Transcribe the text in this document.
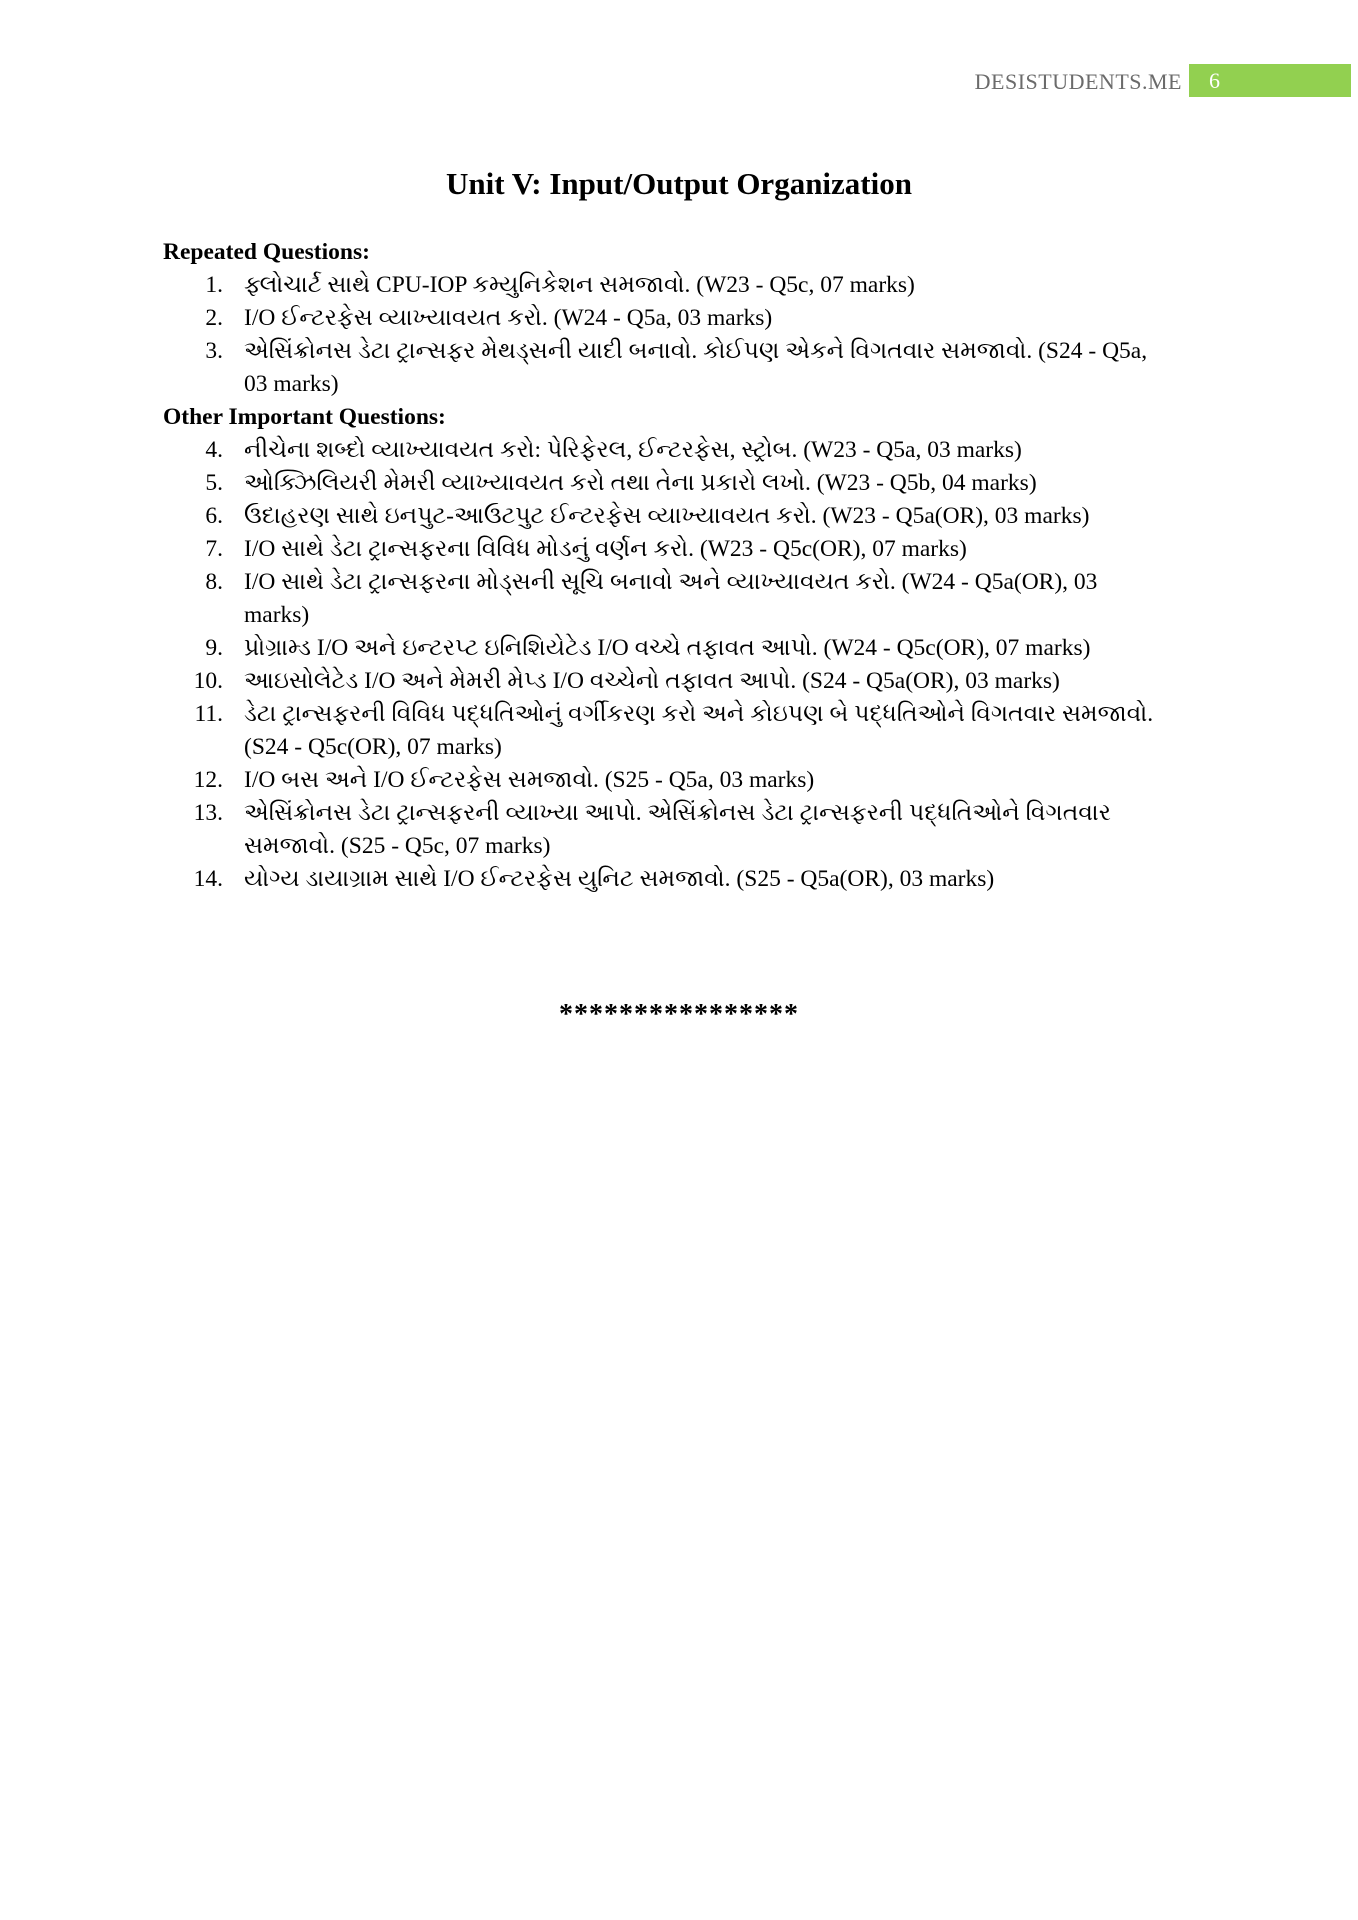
DESISTUDENTS.ME 6
Unit V: Input/Output Organization

Repeated Questions:

1. ફ્લોચાર્ટ સાથે CPU-IOP કમ્યુનિકેશન સમજાવો. (W23 - Q5c, 07 marks)
2. I/O ઈન્ટરફેસ વ્યાખ્યાવયત કરો. (W24 - Q5a, 03 marks)
3. એસિંક્રોનસ ડેટા ટ્રાન્સફર મેથડ્સની યાદી બનાવો. કોઈપણ એકને વિગતવાર સમજાવો. (S24 - Q5a, 03 marks)

Other Important Questions:

4. નીચેના શબ્દો વ્યાખ્યાવયત કરો: પેરિફેરલ, ઈન્ટરફેસ, સ્ટ્રોબ. (W23 - Q5a, 03 marks)
5. ઓક્ઝિલિયરી મેમરી વ્યાખ્યાવયત કરો તથા તેના પ્રકારો લખો. (W23 - Q5b, 04 marks)
6. ઉદાહરણ સાથે ઇનપુટ-આઉટપુટ ઈન્ટરફેસ વ્યાખ્યાવયત કરો. (W23 - Q5a(OR), 03 marks)
7. I/O સાથે ડેટા ટ્રાન્સફરના વિવિધ મોડનું વર્ણન કરો. (W23 - Q5c(OR), 07 marks)
8. I/O સાથે ડેટા ટ્રાન્સફરના મોડ્સની સૂચિ બનાવો અને વ્યાખ્યાવયત કરો. (W24 - Q5a(OR), 03 marks)
9. પ્રોગ્રામ્ડ I/O અને ઇન્ટરપ્ટ ઇનિશિયેટેડ I/O વચ્ચે તફાવત આપો. (W24 - Q5c(OR), 07 marks)
10. આઇસોલેટેડ I/O અને મેમરી મેપ્ડ I/O વચ્ચેનો તફાવત આપો. (S24 - Q5a(OR), 03 marks)
11. ડેટા ટ્રાન્સફરની વિવિધ પદ્ધતિઓનું વર્ગીકરણ કરો અને કોઇપણ બે પદ્ધતિઓને વિગતવાર સમજાવો. (S24 - Q5c(OR), 07 marks)
12. I/O બસ અને I/O ઈન્ટરફેસ સમજાવો. (S25 - Q5a, 03 marks)
13. એસિંક્રોનસ ડેટા ટ્રાન્સફરની વ્યાખ્યા આપો. એસિંક્રોનસ ડેટા ટ્રાન્સફરની પદ્ધતિઓને વિગતવાર સમજાવો. (S25 - Q5c, 07 marks)
14. યોગ્ય ડાયાગ્રામ સાથે I/O ઈન્ટરફેસ યુનિટ સમજાવો. (S25 - Q5a(OR), 03 marks)
****************
